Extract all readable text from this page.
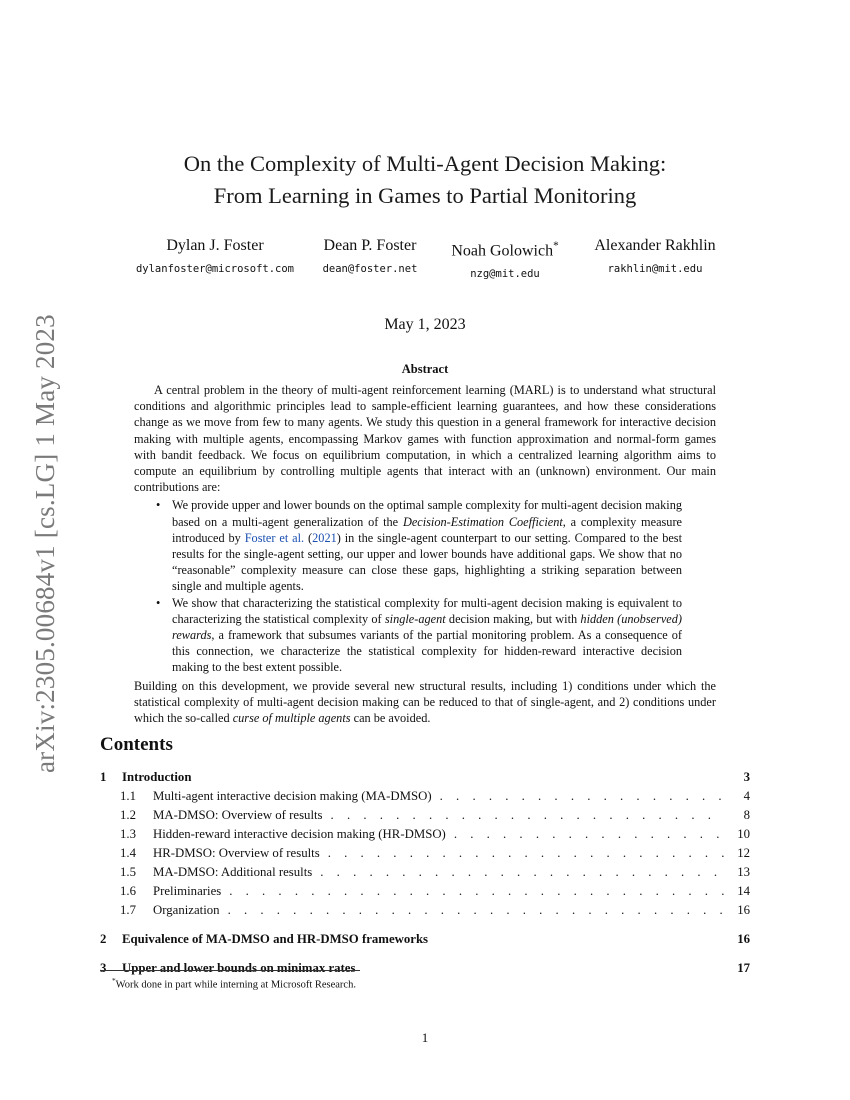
arXiv:2305.00684v1 [cs.LG] 1 May 2023
On the Complexity of Multi-Agent Decision Making:
From Learning in Games to Partial Monitoring
Dylan J. Foster
dylanfoster@microsoft.com
Dean P. Foster
dean@foster.net
Noah Golowich*
nzg@mit.edu
Alexander Rakhlin
rakhlin@mit.edu
May 1, 2023
Abstract

A central problem in the theory of multi-agent reinforcement learning (MARL) is to understand what structural conditions and algorithmic principles lead to sample-efficient learning guarantees, and how these considerations change as we move from few to many agents. We study this question in a general framework for interactive decision making with multiple agents, encompassing Markov games with function approximation and normal-form games with bandit feedback. We focus on equilibrium computation, in which a centralized learning algorithm aims to compute an equilibrium by controlling multiple agents that interact with an (unknown) environment. Our main contributions are:

• We provide upper and lower bounds on the optimal sample complexity for multi-agent decision making based on a multi-agent generalization of the Decision-Estimation Coefficient, a complexity measure introduced by Foster et al. (2021) in the single-agent counterpart to our setting. Compared to the best results for the single-agent setting, our upper and lower bounds have additional gaps. We show that no “reasonable” complexity measure can close these gaps, highlighting a striking separation between single and multiple agents.
• We show that characterizing the statistical complexity for multi-agent decision making is equivalent to characterizing the statistical complexity of single-agent decision making, but with hidden (unobserved) rewards, a framework that subsumes variants of the partial monitoring problem. As a consequence of this connection, we characterize the statistical complexity for hidden-reward interactive decision making to the best extent possible.

Building on this development, we provide several new structural results, including 1) conditions under which the statistical complexity of multi-agent decision making can be reduced to that of single-agent, and 2) conditions under which the so-called curse of multiple agents can be avoided.

Contents
1	Introduction	3
1.1	Multi-agent interactive decision making (MA-DMSO) . . .	4
1.2	MA-DMSO: Overview of results . . .	8
1.3	Hidden-reward interactive decision making (HR-DMSO) . . .	10
1.4	HR-DMSO: Overview of results . . .	12
1.5	MA-DMSO: Additional results . . .	13
1.6	Preliminaries . . .	14
1.7	Organization . . .	16
2	Equivalence of MA-DMSO and HR-DMSO frameworks	16
3	Upper and lower bounds on minimax rates	17
*Work done in part while interning at Microsoft Research.
1
